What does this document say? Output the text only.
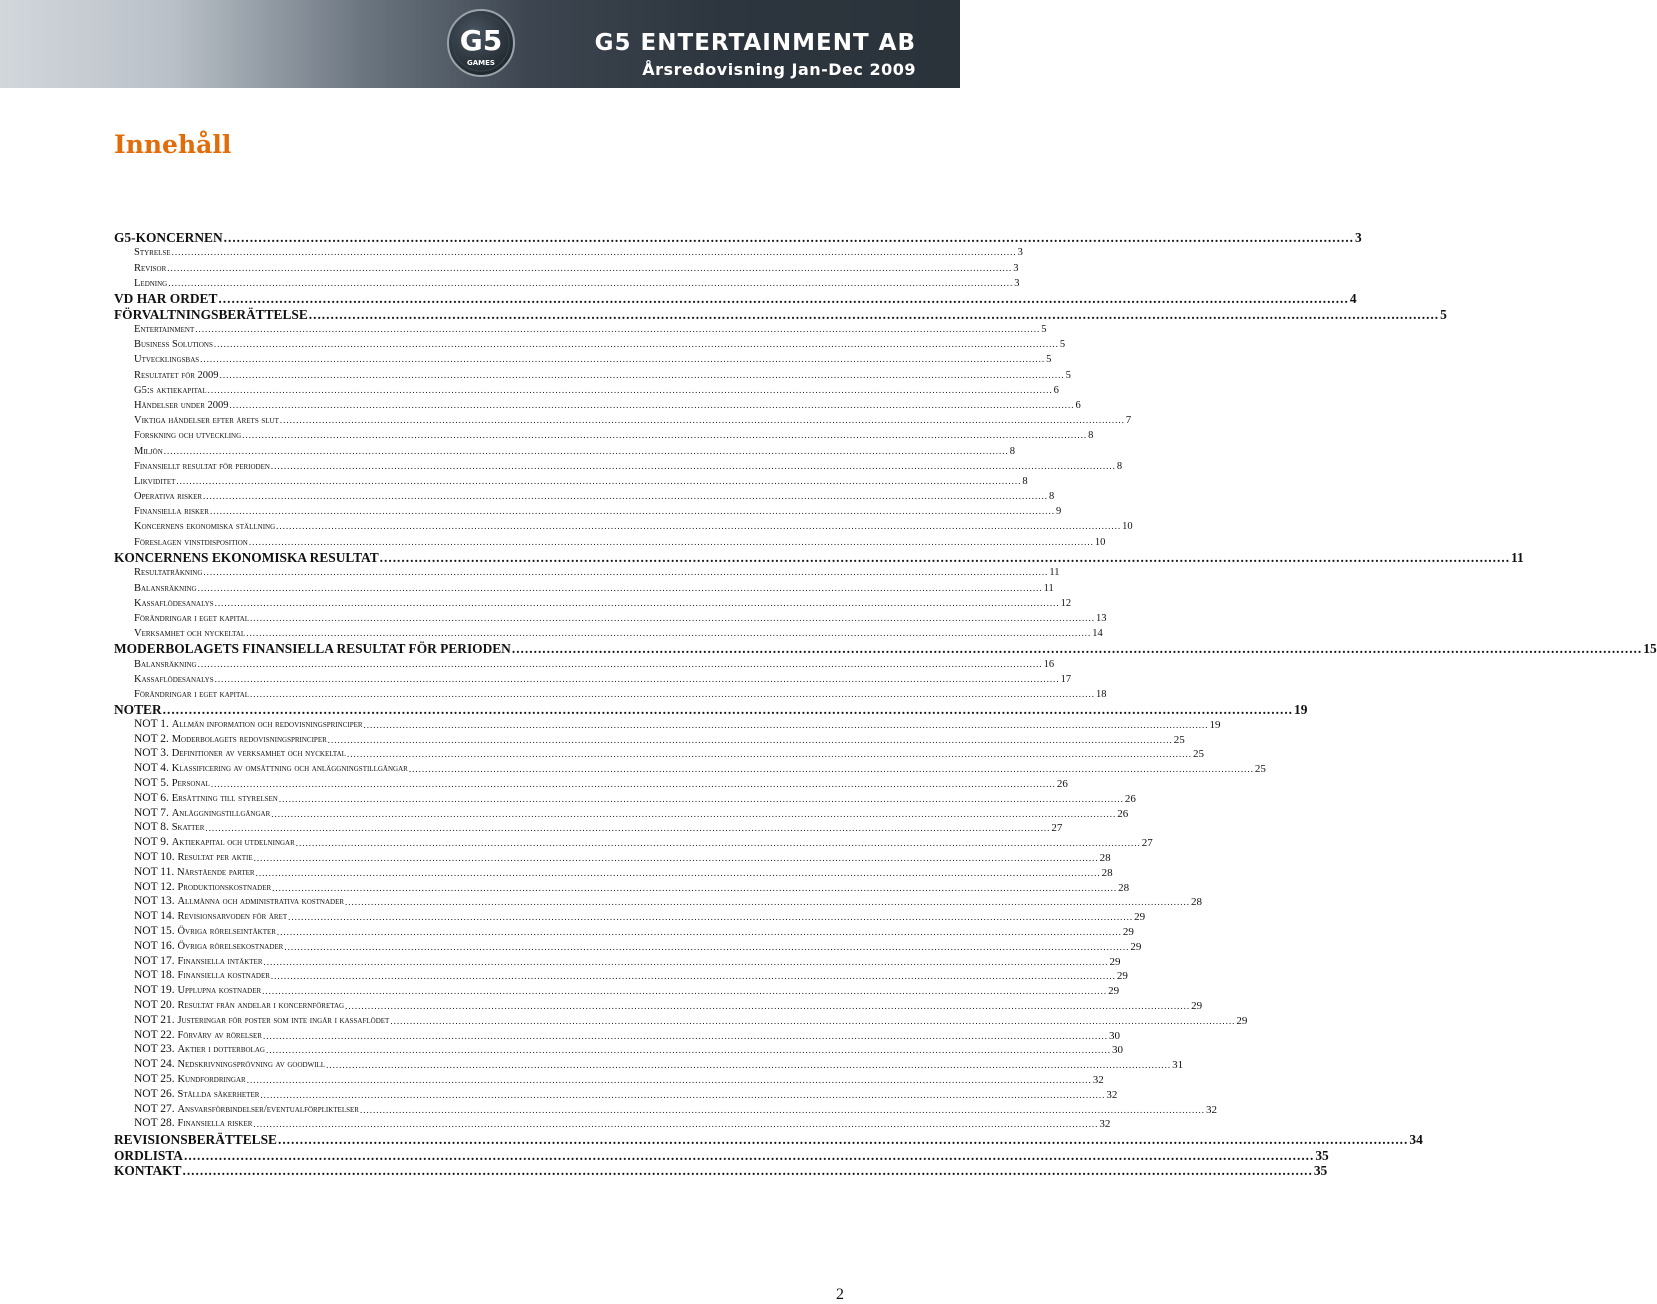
G5
GAMES
G5 ENTERTAINMENT AB
Årsredovisning Jan-Dec 2009
Innehåll
G5-KONCERNEN .................................................................................................................................................................................................................................................................... 3
Styrelse .................................................................................................................................................................................................................................................................... 3
Revisor .................................................................................................................................................................................................................................................................... 3
Ledning .................................................................................................................................................................................................................................................................... 3
VD HAR ORDET .................................................................................................................................................................................................................................................................... 4
FÖRVALTNINGSBERÄTTELSE .................................................................................................................................................................................................................................................................... 5
Entertainment .................................................................................................................................................................................................................................................................... 5
Business Solutions .................................................................................................................................................................................................................................................................... 5
Utvecklingsbas .................................................................................................................................................................................................................................................................... 5
Resultatet för 2009 .................................................................................................................................................................................................................................................................... 5
G5:s aktiekapital .................................................................................................................................................................................................................................................................... 6
Händelser under 2009 .................................................................................................................................................................................................................................................................... 6
Viktiga händelser efter årets slut .................................................................................................................................................................................................................................................................... 7
Forskning och utveckling .................................................................................................................................................................................................................................................................... 8
Miljön .................................................................................................................................................................................................................................................................... 8
Finansiellt resultat för perioden .................................................................................................................................................................................................................................................................... 8
Likviditet .................................................................................................................................................................................................................................................................... 8
Operativa risker .................................................................................................................................................................................................................................................................... 8
Finansiella risker .................................................................................................................................................................................................................................................................... 9
Koncernens ekonomiska ställning .................................................................................................................................................................................................................................................................... 10
Föreslagen vinstdisposition .................................................................................................................................................................................................................................................................... 10
KONCERNENS EKONOMISKA RESULTAT .................................................................................................................................................................................................................................................................... 11
Resultaträkning .................................................................................................................................................................................................................................................................... 11
Balansräkning .................................................................................................................................................................................................................................................................... 11
Kassaflödesanalys .................................................................................................................................................................................................................................................................... 12
Förändringar i eget kapital .................................................................................................................................................................................................................................................................... 13
Verksamhet och nyckeltal .................................................................................................................................................................................................................................................................... 14
MODERBOLAGETS FINANSIELLA RESULTAT FÖR PERIODEN .................................................................................................................................................................................................................................................................... 15
Balansräkning .................................................................................................................................................................................................................................................................... 16
Kassaflödesanalys .................................................................................................................................................................................................................................................................... 17
Förändringar i eget kapital .................................................................................................................................................................................................................................................................... 18
NOTER .................................................................................................................................................................................................................................................................... 19
NOT 1. Allmän information och redovisningsprinciper .................................................................................................................................................................................................................................................................... 19
NOT 2. Moderbolagets redovisningsprinciper .................................................................................................................................................................................................................................................................... 25
NOT 3. Definitioner av verksamhet och nyckeltal .................................................................................................................................................................................................................................................................... 25
NOT 4. Klassificering av omsättning och anläggningstillgångar .................................................................................................................................................................................................................................................................... 25
NOT 5. Personal .................................................................................................................................................................................................................................................................... 26
NOT 6. Ersättning till styrelsen .................................................................................................................................................................................................................................................................... 26
NOT 7. Anläggningstillgångar .................................................................................................................................................................................................................................................................... 26
NOT 8. Skatter .................................................................................................................................................................................................................................................................... 27
NOT 9. Aktiekapital och utdelningar .................................................................................................................................................................................................................................................................... 27
NOT 10. Resultat per aktie .................................................................................................................................................................................................................................................................... 28
NOT 11. Närstående parter .................................................................................................................................................................................................................................................................... 28
NOT 12. Produktionskostnader .................................................................................................................................................................................................................................................................... 28
NOT 13. Allmänna och administrativa kostnader .................................................................................................................................................................................................................................................................... 28
NOT 14. Revisionsarvoden för året .................................................................................................................................................................................................................................................................... 29
NOT 15. Övriga rörelseintäkter .................................................................................................................................................................................................................................................................... 29
NOT 16. Övriga rörelsekostnader .................................................................................................................................................................................................................................................................... 29
NOT 17. Finansiella intäkter .................................................................................................................................................................................................................................................................... 29
NOT 18. Finansiella kostnader .................................................................................................................................................................................................................................................................... 29
NOT 19. Upplupna kostnader .................................................................................................................................................................................................................................................................... 29
NOT 20. Resultat från andelar i koncernföretag .................................................................................................................................................................................................................................................................... 29
NOT 21. Justeringar för poster som inte ingår i kassaflödet .................................................................................................................................................................................................................................................................... 29
NOT 22. Förvärv av rörelser .................................................................................................................................................................................................................................................................... 30
NOT 23. Aktier i dotterbolag .................................................................................................................................................................................................................................................................... 30
NOT 24. Nedskrivningsprövning av goodwill .................................................................................................................................................................................................................................................................... 31
NOT 25. Kundfordringar .................................................................................................................................................................................................................................................................... 32
NOT 26. Ställda säkerheter .................................................................................................................................................................................................................................................................... 32
NOT 27. Ansvarsförbindelser/eventualförpliktelser .................................................................................................................................................................................................................................................................... 32
NOT 28. Finansiella risker .................................................................................................................................................................................................................................................................... 32
REVISIONSBERÄTTELSE .................................................................................................................................................................................................................................................................... 34
ORDLISTA .................................................................................................................................................................................................................................................................... 35
KONTAKT .................................................................................................................................................................................................................................................................... 35
2
